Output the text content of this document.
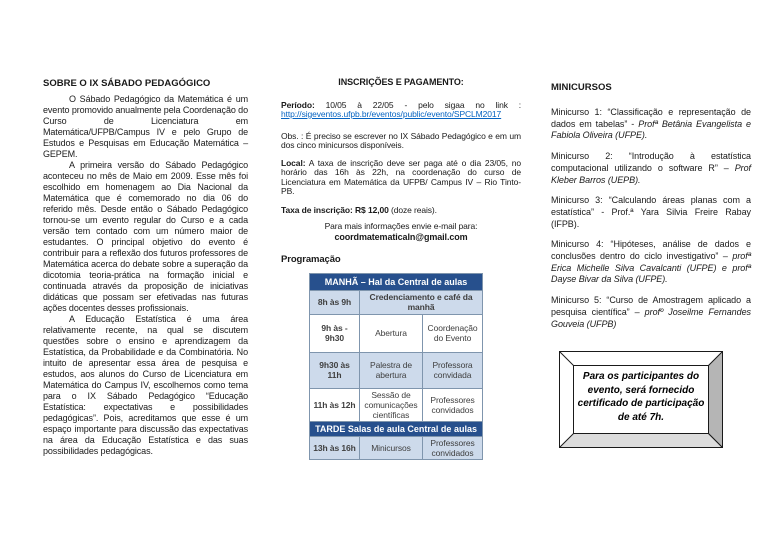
SOBRE O IX SÁBADO PEDAGÓGICO

O Sábado Pedagógico da Matemática é um evento promovido anualmente pela Coordenação do Curso de Licenciatura em Matemática/UFPB/Campus IV e pelo Grupo de Estudos e Pesquisas em Educação Matemática – GEPEM.

A primeira versão do Sábado Pedagógico aconteceu no mês de Maio em 2009. Esse mês foi escolhido em homenagem ao Dia Nacional da Matemática que é comemorado no dia 06 do referido mês. Desde então o Sábado Pedagógico tornou-se um evento regular do Curso e a cada versão tem contado com um número maior de estudantes. O principal objetivo do evento é contribuir para a reflexão dos futuros professores de Matemática acerca do debate sobre a superação da dicotomia teoria-prática na formação inicial e continuada através da proposição de iniciativas didáticas que possam ser efetivadas nas futuras ações docentes desses profissionais.

A Educação Estatística é uma área relativamente recente, na qual se discutem questões sobre o ensino e aprendizagem da Estatística, da Probabilidade e da Combinatória. No intuito de apresentar essa área de pesquisa e estudos, aos alunos do Curso de Licenciatura em Matemática do Campus IV, escolhemos como tema para o IX Sábado Pedagógico “Educação Estatística: expectativas e possibilidades pedagógicas”. Pois, acreditamos que esse é um espaço importante para discussão das expectativas na área da Educação Estatística e das suas possibilidades pedagógicas.

INSCRIÇÕES E PAGAMENTO:

Período: 10/05 à 22/05 - pelo sigaa no link :

http://sigeventos.ufpb.br/eventos/public/evento/SPCLM2017

Obs. : É preciso se escrever no IX Sábado Pedagógico e em um dos cinco minicursos disponíveis.

Local: A taxa de inscrição deve ser paga até o dia 23/05, no horário das 16h às 22h, na coordenação do curso de Licenciatura em Matemática da UFPB/ Campus IV – Rio Tinto-PB.

Taxa de inscrição: R$ 12,00 (doze reais).

Para mais informações envie e-mail para:

coordmatematicaln@gmail.com

Programação
MANHÃ – Hal da Central de aulas		
8h às 9h	Credenciamento e café da manhã	
9h às - 9h30	Abertura	Coordenação do Evento
9h30 às 11h	Palestra de abertura	Professora convidada
11h às 12h	Sessão de comunicações científicas	Professores convidados
TARDE Salas de aula Central de aulas		
13h às 16h	Minicursos	Professores convidados
MINICURSOS

Minicurso 1: “Classificação e representação de dados em tabelas” - Profª Betânia Evangelista e Fabiola Oliveira (UFPE).

Minicurso 2: “Introdução à estatística computacional utilizando o software R” – Prof Kleber Barros (UEPB).

Minicurso 3: “Calculando áreas planas com a estatística” - Prof.ª Yara Silvia Freire Rabay (IFPB).

Minicurso 4: “Hipóteses, análise de dados e conclusões dentro do ciclo investigativo” – profª Erica Michelle Silva Cavalcanti (UFPE) e profª Dayse Bivar da Silva (UFPE).

Minicurso 5: “Curso de Amostragem aplicado a pesquisa científica” – profº Joseilme Fernandes Gouveia (UFPB)

Para os participantes do evento, será fornecido certificado de participação de até 7h.
